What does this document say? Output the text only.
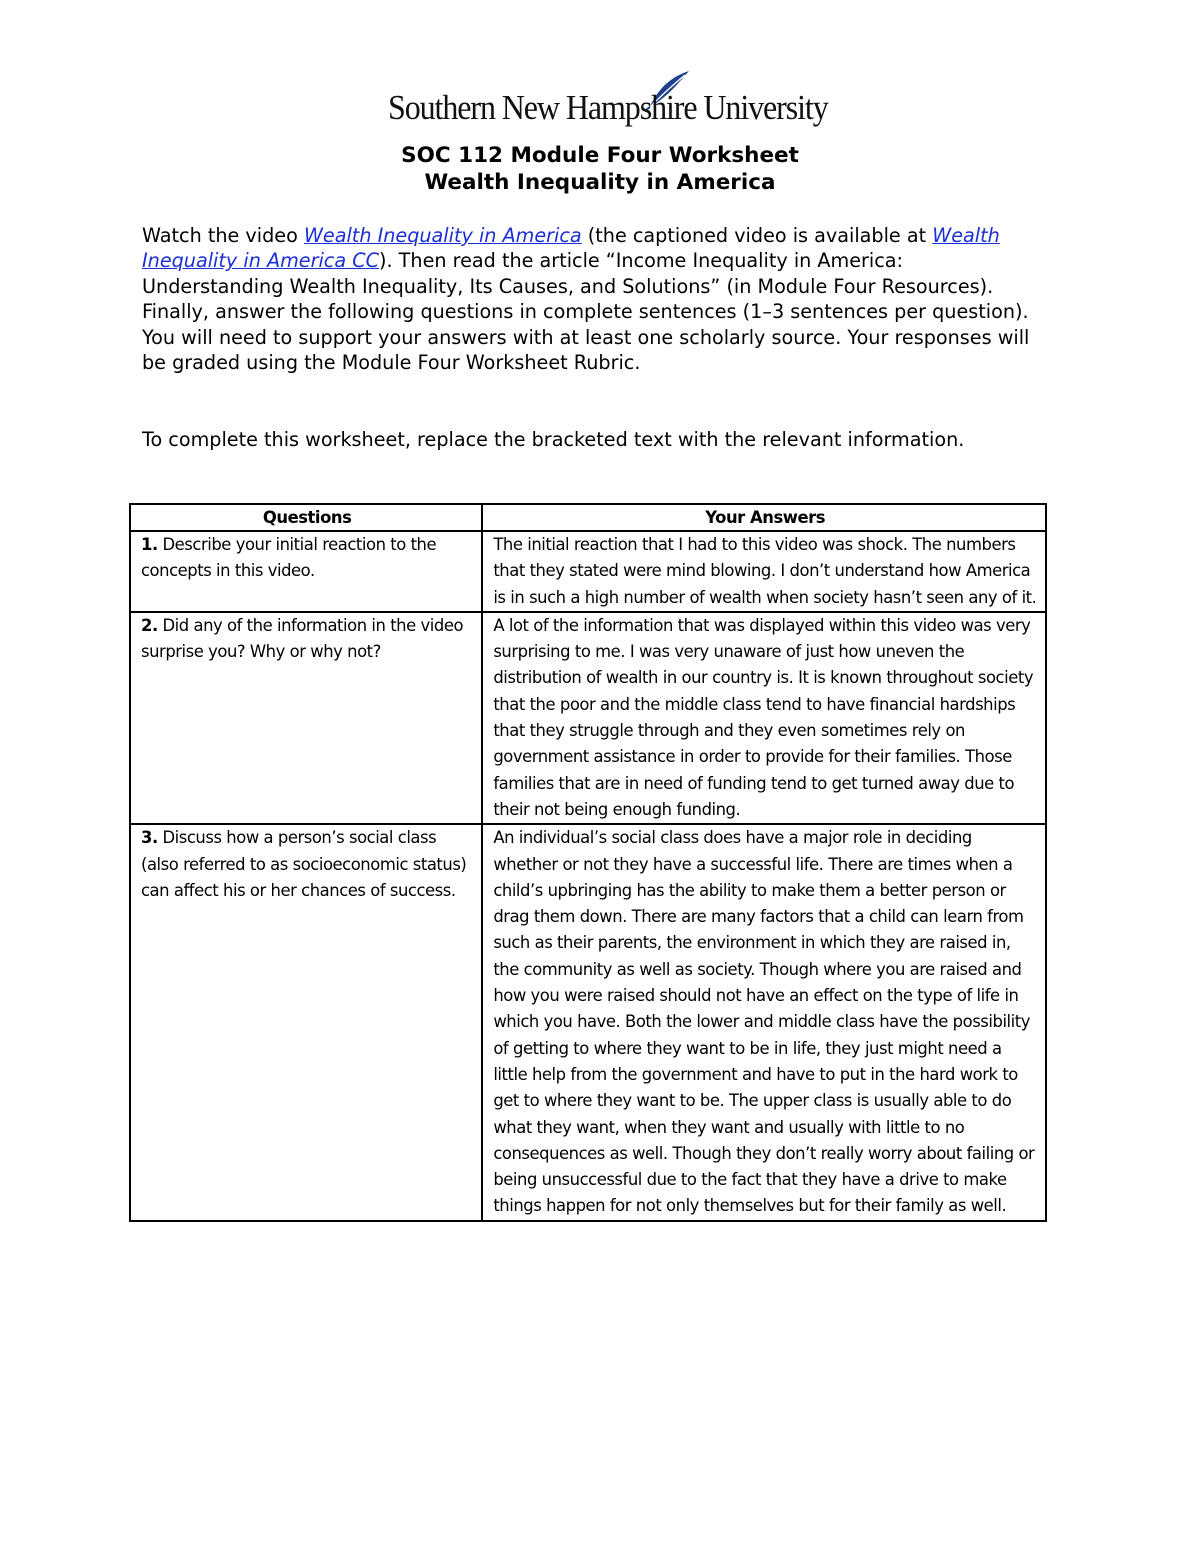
Southern New Hampshire University
SOC 112 Module Four Worksheet
Wealth Inequality in America

Watch the video Wealth Inequality in America (the captioned video is available at Wealth Inequality in America CC). Then read the article “Income Inequality in America: Understanding Wealth Inequality, Its Causes, and Solutions” (in Module Four Resources). Finally, answer the following questions in complete sentences (1–3 sentences per question). You will need to support your answers with at least one scholarly source. Your responses will be graded using the Module Four Worksheet Rubric.

To complete this worksheet, replace the bracketed text with the relevant information.

Questions	Your Answers
1. Describe your initial reaction to the concepts in this video.	The initial reaction that I had to this video was shock. The numbers that they stated were mind blowing. I don’t understand how America is in such a high number of wealth when society hasn’t seen any of it.
2. Did any of the information in the video surprise you? Why or why not?	A lot of the information that was displayed within this video was very surprising to me. I was very unaware of just how uneven the distribution of wealth in our country is. It is known throughout society that the poor and the middle class tend to have financial hardships that they struggle through and they even sometimes rely on government assistance in order to provide for their families. Those families that are in need of funding tend to get turned away due to their not being enough funding.
3. Discuss how a person’s social class (also referred to as socioeconomic status) can affect his or her chances of success.	An individual’s social class does have a major role in deciding whether or not they have a successful life. There are times when a child’s upbringing has the ability to make them a better person or drag them down. There are many factors that a child can learn from such as their parents, the environment in which they are raised in, the community as well as society. Though where you are raised and how you were raised should not have an effect on the type of life in which you have. Both the lower and middle class have the possibility of getting to where they want to be in life, they just might need a little help from the government and have to put in the hard work to get to where they want to be. The upper class is usually able to do what they want, when they want and usually with little to no consequences as well. Though they don’t really worry about failing or being unsuccessful due to the fact that they have a drive to make things happen for not only themselves but for their family as well.
